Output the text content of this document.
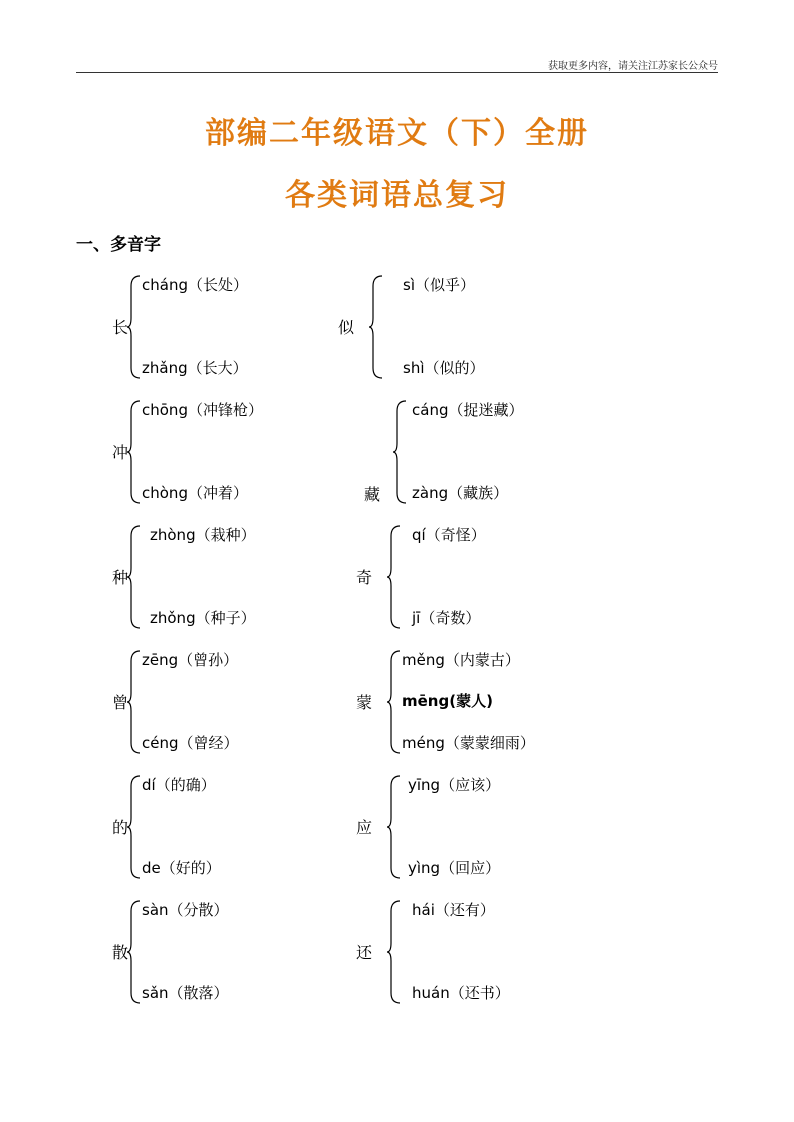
获取更多内容，请关注江苏家长公众号
部编二年级语文（下）全册
各类词语总复习
一、多音字
长
cháng（长处）
zhǎng（长大）
似
sì（似乎）
shì（似的）
冲
chōng（冲锋枪）
chòng（冲着）	藏
cáng（捉迷藏）
zàng（藏族）
种
zhòng（栽种）
zhǒng（种子）
奇
qí（奇怪）
jī（奇数）
曾
zēng（曾孙）
céng（曾经）
蒙
měng（内蒙古）
mēng(蒙人)
méng（蒙蒙细雨）
的
dí（的确）
de（好的）
应
yīng（应该）
yìng（回应）
散
sàn（分散）
sǎn（散落）
还
hái（还有）
huán（还书）
